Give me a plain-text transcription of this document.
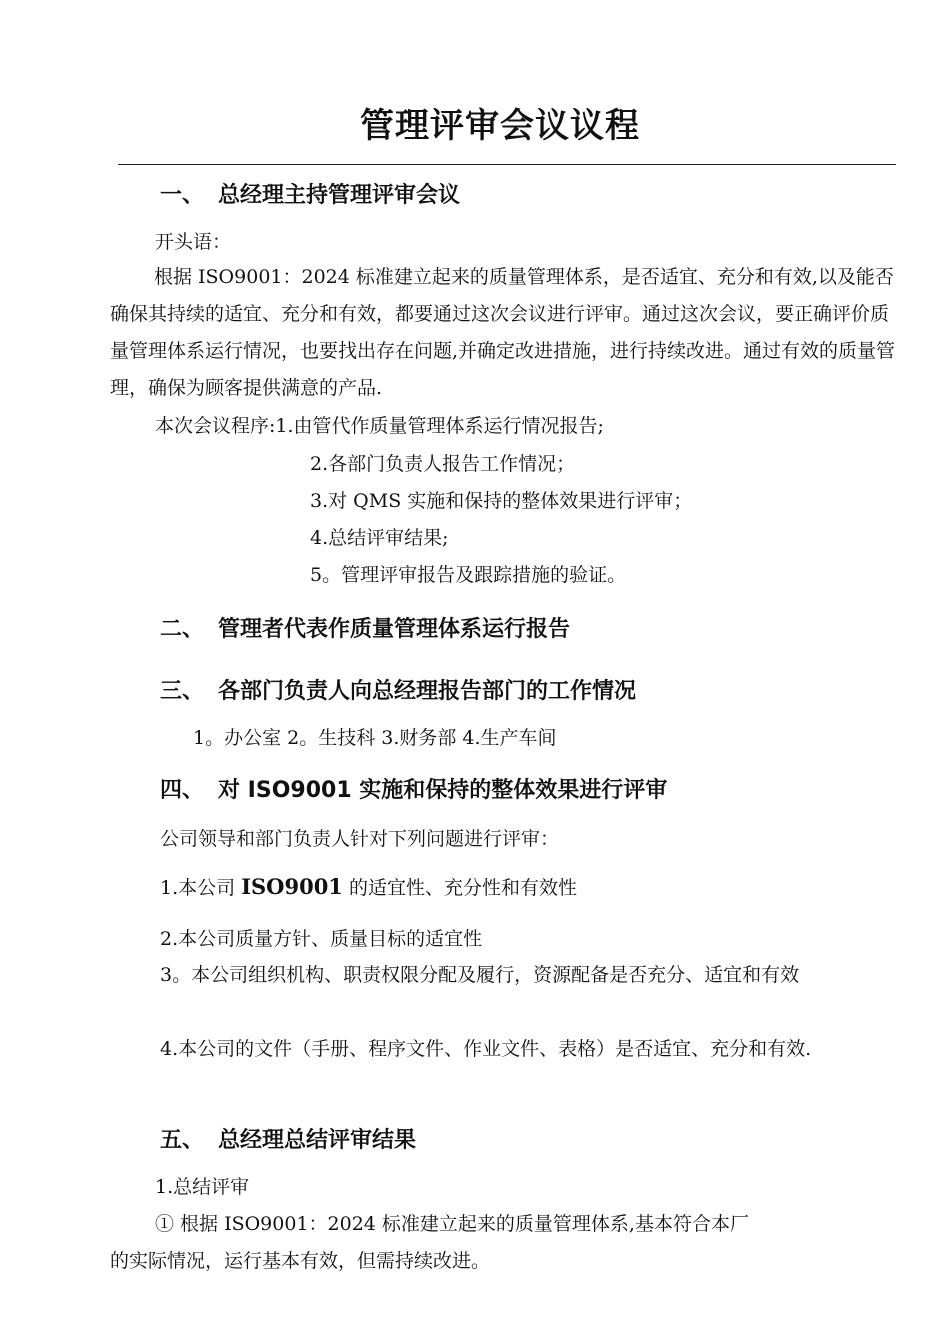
管理评审会议议程
一、 总经理主持管理评审会议
开头语：
根据 ISO9001：2024 标准建立起来的质量管理体系，是否适宜、充分和有效,以及能否确保其持续的适宜、充分和有效，都要通过这次会议进行评审。通过这次会议，要正确评价质量管理体系运行情况，也要找出存在问题,并确定改进措施，进行持续改进。通过有效的质量管理，确保为顾客提供满意的产品.
本次会议程序:1.由管代作质量管理体系运行情况报告;
2.各部门负责人报告工作情况；
3.对 QMS 实施和保持的整体效果进行评审；
4.总结评审结果;
5。管理评审报告及跟踪措施的验证。
二、 管理者代表作质量管理体系运行报告
三、 各部门负责人向总经理报告部门的工作情况
1。办公室 2。生技科 3.财务部 4.生产车间
四、 对 ISO9001 实施和保持的整体效果进行评审
公司领导和部门负责人针对下列问题进行评审：
1.本公司 ISO9001 的适宜性、充分性和有效性
2.本公司质量方针、质量目标的适宜性
3。本公司组织机构、职责权限分配及履行，资源配备是否充分、适宜和有效
4.本公司的文件（手册、程序文件、作业文件、表格）是否适宜、充分和有效.
五、 总经理总结评审结果
1.总结评审
① 根据 ISO9001：2024 标准建立起来的质量管理体系,基本符合本厂
的实际情况，运行基本有效，但需持续改进。
